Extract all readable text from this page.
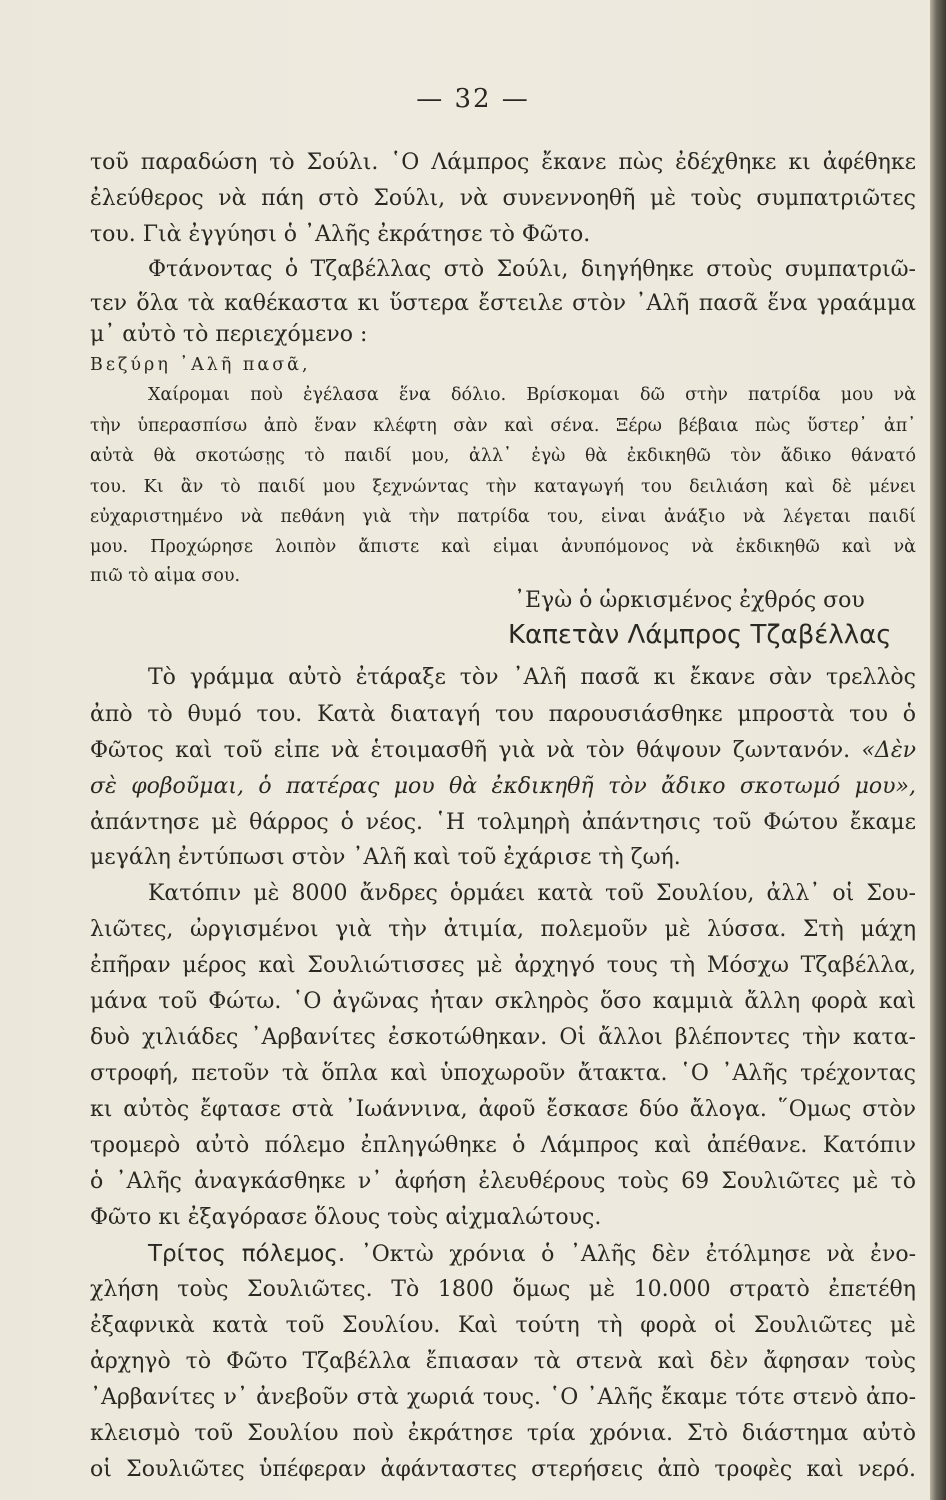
— 32 —
τοῦ παραδώση τὸ Σούλι. ῾Ο Λάμπρος ἔκανε πὼς ἐδέχθηκε κι ἀφέθηκε
ἐλεύθερος νὰ πάη στὸ Σούλι, νὰ συνεννοηθῆ μὲ τοὺς συμπατριῶτες
του. Γιὰ ἐγγύησι ὁ ᾿Αλῆς ἐκράτησε τὸ Φῶτο.
Φτάνοντας ὁ Τζαβέλλας στὸ Σούλι, διηγήθηκε στοὺς συμπατριῶ-
τεν ὅλα τὰ καθέκαστα κι ὕστερα ἔστειλε στὸν ᾿Αλῆ πασᾶ ἕνα γραάμμα
μ᾿ αὐτὸ τὸ περιεχόμενο :
Βεζύρη ᾿Αλῆ πασᾶ,
Χαίρομαι ποὺ ἐγέλασα ἕνα δόλιο. Βρίσκομαι δῶ στὴν πατρίδα μου νὰ
τὴν ὑπερασπίσω ἀπὸ ἕναν κλέφτη σὰν καὶ σένα. Ξέρω βέβαια πὼς ὕστερ᾿ ἀπ᾿
αὐτὰ θὰ σκοτώσῃς τὸ παιδί μου, ἀλλ᾿ ἐγὼ θὰ ἐκδικηθῶ τὸν ἄδικο θάνατό
του. Κι ἂν τὸ παιδί μου ξεχνώντας τὴν καταγωγή του δειλιάση καὶ δὲ μένει
εὐχαριστημένο νὰ πεθάνη γιὰ τὴν πατρίδα του, εἶναι ἀνάξιο νὰ λέγεται παιδί
μου. Προχώρησε λοιπὸν ἄπιστε καὶ εἶμαι ἀνυπόμονος νὰ ἐκδικηθῶ καὶ νὰ
πιῶ τὸ αἷμα σου.
᾿Εγὼ ὁ ὡρκισμένος ἐχθρός σου
Καπετὰν Λάμπρος Τζαβέλλας
Τὸ γράμμα αὐτὸ ἐτάραξε τὸν ᾿Αλῆ πασᾶ κι ἔκανε σὰν τρελλὸς
ἀπὸ τὸ θυμό του. Κατὰ διαταγή του παρουσιάσθηκε μπροστὰ του ὁ
Φῶτος καὶ τοῦ εἶπε νὰ ἑτοιμασθῆ γιὰ νὰ τὸν θάψουν ζωντανόν. «Δὲν
σὲ φοβοῦμαι, ὁ πατέρας μου θὰ ἐκδικηθῆ τὸν ἄδικο σκοτωμό μου»,
ἀπάντησε μὲ θάρρος ὁ νέος. ῾Η τολμηρὴ ἀπάντησις τοῦ Φώτου ἔκαμε
μεγάλη ἐντύπωσι στὸν ᾿Αλῆ καὶ τοῦ ἐχάρισε τὴ ζωή.
Κατόπιν μὲ 8000 ἄνδρες ὁρμάει κατὰ τοῦ Σουλίου, ἀλλ᾿ οἱ Σου-
λιῶτες, ὠργισμένοι γιὰ τὴν ἀτιμία, πολεμοῦν μὲ λύσσα. Στὴ μάχη
ἐπῆραν μέρος καὶ Σουλιώτισσες μὲ ἀρχηγό τους τὴ Μόσχω Τζαβέλλα,
μάνα τοῦ Φώτω. ῾Ο ἀγῶνας ἦταν σκληρὸς ὅσο καμμιὰ ἄλλη φορὰ καὶ
δυὸ χιλιάδες ᾿Αρβανίτες ἐσκοτώθηκαν. Οἱ ἄλλοι βλέποντες τὴν κατα-
στροφή, πετοῦν τὰ ὅπλα καὶ ὑποχωροῦν ἄτακτα. ῾Ο ᾿Αλῆς τρέχοντας
κι αὐτὸς ἔφτασε στὰ ᾿Ιωάννινα, ἀφοῦ ἔσκασε δύο ἄλογα. ῞Ομως στὸν
τρομερὸ αὐτὸ πόλεμο ἐπληγώθηκε ὁ Λάμπρος καὶ ἀπέθανε. Κατόπιν
ὁ ᾿Αλῆς ἀναγκάσθηκε ν᾿ ἀφήση ἐλευθέρους τοὺς 69 Σουλιῶτες μὲ τὸ
Φῶτο κι ἐξαγόρασε ὅλους τοὺς αἰχμαλώτους.
Τρίτος πόλεμος. ᾿Οκτὼ χρόνια ὁ ᾿Αλῆς δὲν ἐτόλμησε νὰ ἐνο-
χλήση τοὺς Σουλιῶτες. Τὸ 1800 ὅμως μὲ 10.000 στρατὸ ἐπετέθη
ἐξαφνικὰ κατὰ τοῦ Σουλίου. Καὶ τούτη τὴ φορὰ οἱ Σουλιῶτες μὲ
ἀρχηγὸ τὸ Φῶτο Τζαβέλλα ἔπιασαν τὰ στενὰ καὶ δὲν ἄφησαν τοὺς
᾿Αρβανίτες ν᾿ ἀνεβοῦν στὰ χωριά τους. ῾Ο ᾿Αλῆς ἔκαμε τότε στενὸ ἀπο-
κλεισμὸ τοῦ Σουλίου ποὺ ἐκράτησε τρία χρόνια. Στὸ διάστημα αὐτὸ
οἱ Σουλιῶτες ὑπέφεραν ἀφάνταστες στερήσεις ἀπὸ τροφὲς καὶ νερό.
